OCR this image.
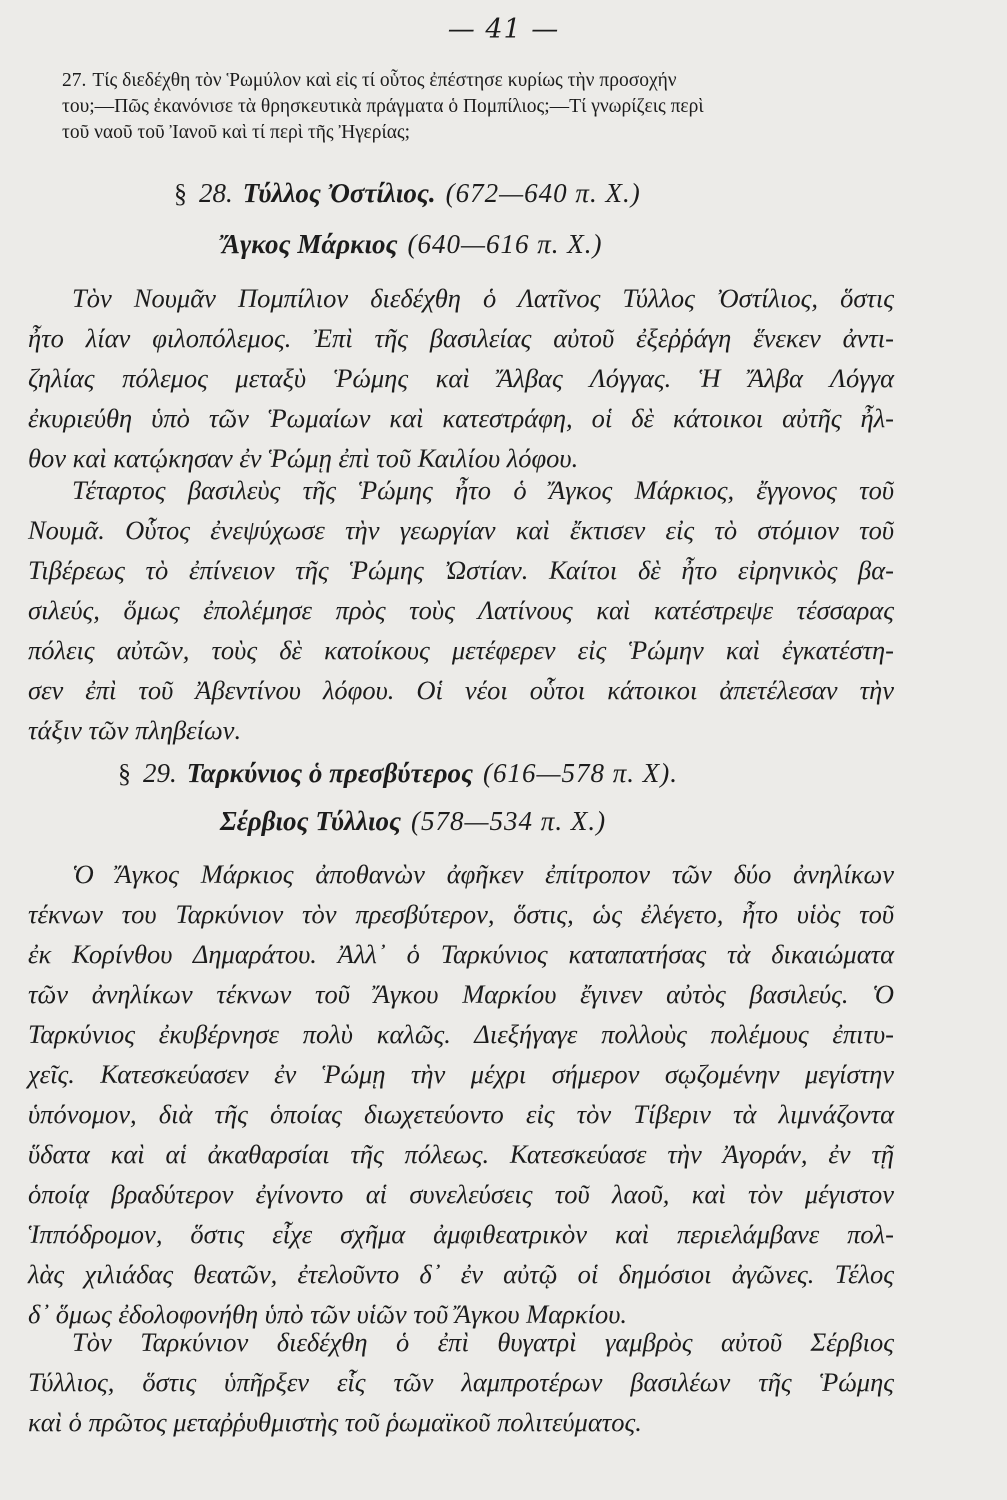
— 41 —
27. Τίς διεδέχθη τὸν Ῥωμύλον καὶ εἰς τί οὗτος ἐπέστησε κυρίως τὴν προσοχήν
του;—Πῶς ἐκανόνισε τὰ θρησκευτικὰ πράγματα ὁ Πομπίλιος;—Τί γνωρίζεις περὶ
τοῦ ναοῦ τοῦ Ἰανοῦ καὶ τί περὶ τῆς Ἠγερίας;
§ 28. Τύλλος Ὀστίλιος. (672—640 π. Χ.)
Ἄγκος Μάρκιος (640—616 π. Χ.)
Τὸν Νουμᾶν Πομπίλιον διεδέχθη ὁ Λατῖνος Τύλλος Ὀστίλιος, ὅστις
ἦτο λίαν φιλοπόλεμος. Ἐπὶ τῆς βασιλείας αὐτοῦ ἐξεῤῥάγη ἕνεκεν ἀντι-
ζηλίας πόλεμος μεταξὺ Ῥώμης καὶ Ἄλβας Λόγγας. Ἡ Ἄλβα Λόγγα
ἐκυριεύθη ὑπὸ τῶν Ῥωμαίων καὶ κατεστράφη, οἱ δὲ κάτοικοι αὐτῆς ἦλ-
θον καὶ κατῴκησαν ἐν Ῥώμῃ ἐπὶ τοῦ Καιλίου λόφου.
Τέταρτος βασιλεὺς τῆς Ῥώμης ἦτο ὁ Ἄγκος Μάρκιος, ἔγγονος τοῦ
Νουμᾶ. Οὗτος ἐνεψύχωσε τὴν γεωργίαν καὶ ἔκτισεν εἰς τὸ στόμιον τοῦ
Τιβέρεως τὸ ἐπίνειον τῆς Ῥώμης Ὠστίαν. Καίτοι δὲ ἦτο εἰρηνικὸς βα-
σιλεύς, ὅμως ἐπολέμησε πρὸς τοὺς Λατίνους καὶ κατέστρεψε τέσσαρας
πόλεις αὐτῶν, τοὺς δὲ κατοίκους μετέφερεν εἰς Ῥώμην καὶ ἐγκατέστη-
σεν ἐπὶ τοῦ Ἀβεντίνου λόφου. Οἱ νέοι οὗτοι κάτοικοι ἀπετέλεσαν τὴν
τάξιν τῶν πληβείων.
§ 29. Ταρκύνιος ὁ πρεσβύτερος (616—578 π. Χ).
Σέρβιος Τύλλιος (578—534 π. Χ.)
Ὁ Ἄγκος Μάρκιος ἀποθανὼν ἀφῆκεν ἐπίτροπον τῶν δύο ἀνηλίκων
τέκνων του Ταρκύνιον τὸν πρεσβύτερον, ὅστις, ὡς ἐλέγετο, ἦτο υἱὸς τοῦ
ἐκ Κορίνθου Δημαράτου. Ἀλλ᾽ ὁ Ταρκύνιος καταπατήσας τὰ δικαιώματα
τῶν ἀνηλίκων τέκνων τοῦ Ἄγκου Μαρκίου ἔγινεν αὐτὸς βασιλεύς. Ὁ
Ταρκύνιος ἐκυβέρνησε πολὺ καλῶς. Διεξήγαγε πολλοὺς πολέμους ἐπιτυ-
χεῖς. Κατεσκεύασεν ἐν Ῥώμῃ τὴν μέχρι σήμερον σῳζομένην μεγίστην
ὑπόνομον, διὰ τῆς ὁποίας διωχετεύοντο εἰς τὸν Τίβεριν τὰ λιμνάζοντα
ὕδατα καὶ αἱ ἀκαθαρσίαι τῆς πόλεως. Κατεσκεύασε τὴν Ἀγοράν, ἐν τῇ
ὁποίᾳ βραδύτερον ἐγίνοντο αἱ συνελεύσεις τοῦ λαοῦ, καὶ τὸν μέγιστον
Ἱππόδρομον, ὅστις εἶχε σχῆμα ἀμφιθεατρικὸν καὶ περιελάμβανε πολ-
λὰς χιλιάδας θεατῶν, ἐτελοῦντο δ᾽ ἐν αὐτῷ οἱ δημόσιοι ἀγῶνες. Τέλος
δ᾽ ὅμως ἐδολοφονήθη ὑπὸ τῶν υἱῶν τοῦ Ἄγκου Μαρκίου.
Τὸν Ταρκύνιον διεδέχθη ὁ ἐπὶ θυγατρὶ γαμβρὸς αὐτοῦ Σέρβιος
Τύλλιος, ὅστις ὑπῆρξεν εἷς τῶν λαμπροτέρων βασιλέων τῆς Ῥώμης
καὶ ὁ πρῶτος μεταῤῥυθμιστὴς τοῦ ῥωμαϊκοῦ πολιτεύματος.
